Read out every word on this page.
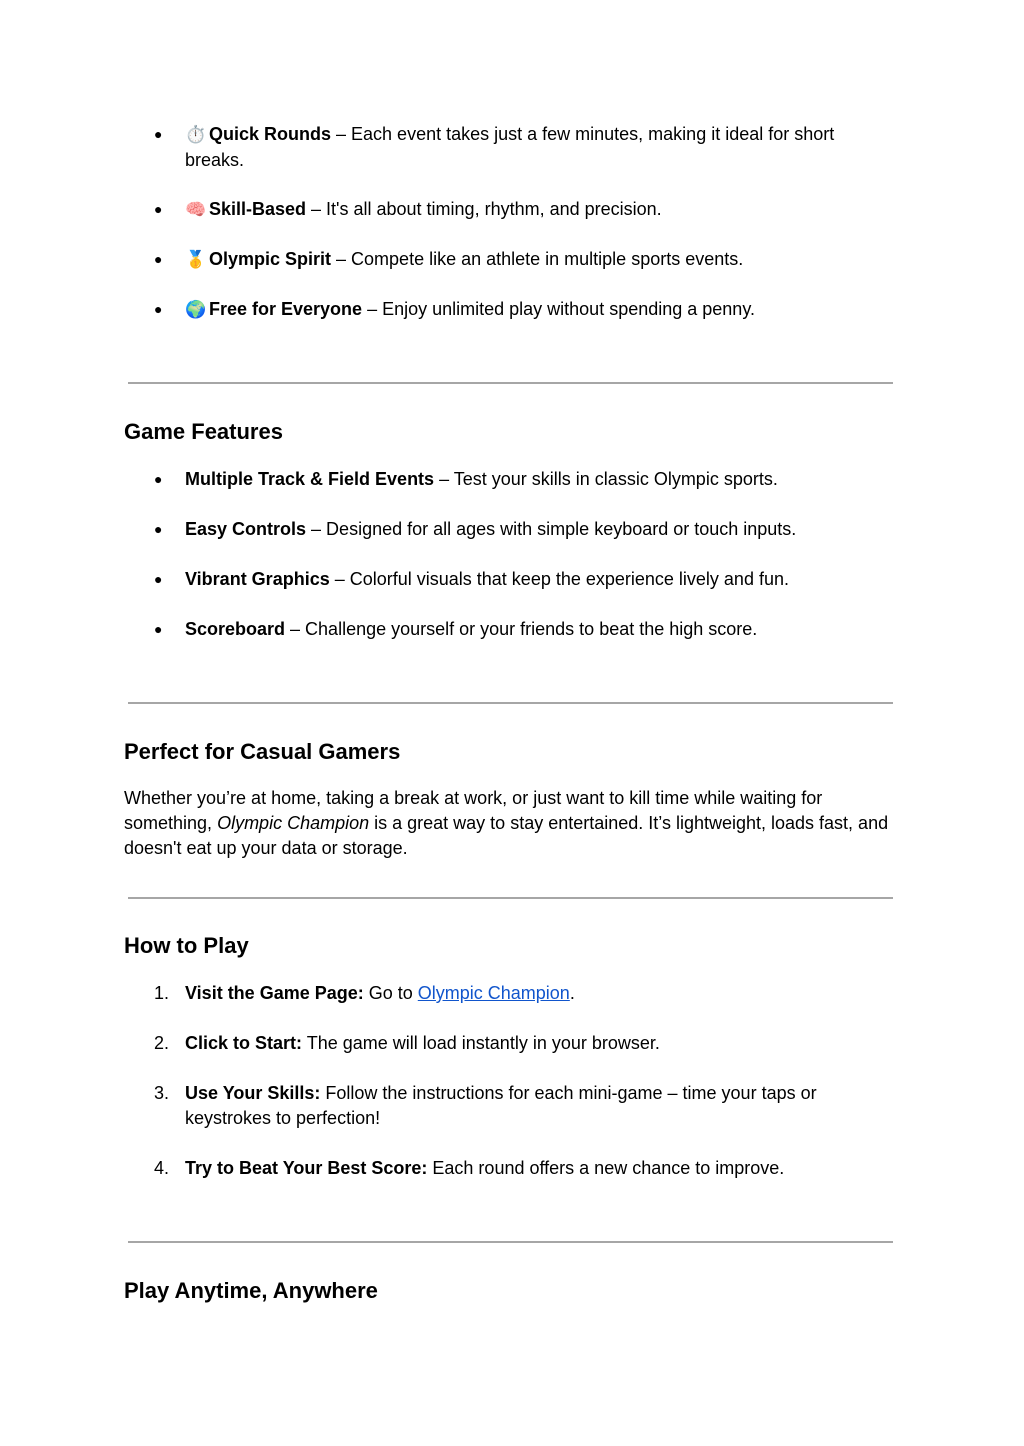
● ⏱️ Quick Rounds – Each event takes just a few minutes, making it ideal for short breaks.
● 🧠 Skill-Based – It's all about timing, rhythm, and precision.
● 🥇 Olympic Spirit – Compete like an athlete in multiple sports events.
● 🌍 Free for Everyone – Enjoy unlimited play without spending a penny.
Game Features
● Multiple Track & Field Events – Test your skills in classic Olympic sports.
● Easy Controls – Designed for all ages with simple keyboard or touch inputs.
● Vibrant Graphics – Colorful visuals that keep the experience lively and fun.
● Scoreboard – Challenge yourself or your friends to beat the high score.
Perfect for Casual Gamers
Whether you’re at home, taking a break at work, or just want to kill time while waiting for something, Olympic Champion is a great way to stay entertained. It’s lightweight, loads fast, and doesn't eat up your data or storage.
How to Play
1. Visit the Game Page: Go to Olympic Champion.
2. Click to Start: The game will load instantly in your browser.
3. Use Your Skills: Follow the instructions for each mini-game – time your taps or keystrokes to perfection!
4. Try to Beat Your Best Score: Each round offers a new chance to improve.
Play Anytime, Anywhere
